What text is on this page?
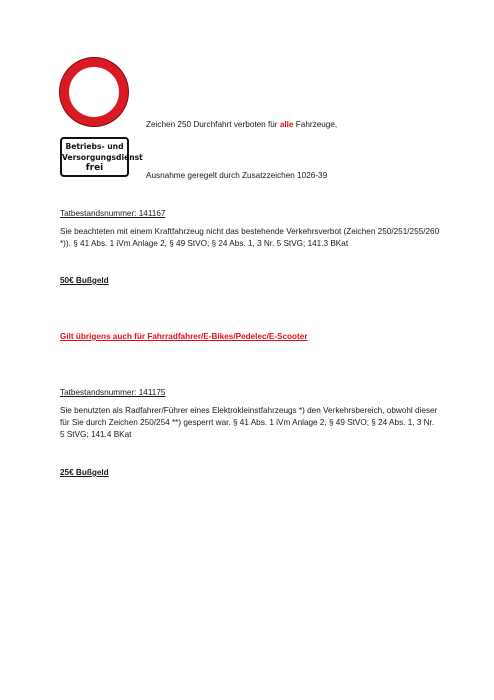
Zeichen 250 Durchfahrt verboten für alle Fahrzeuge,
Betriebs- und
Versorgungsdienst
frei
Ausnahme geregelt durch Zusatzzeichen 1026-39
Tatbestandsnummer: 141167
Sie beachteten mit einem Kraftfahrzeug nicht das bestehende Verkehrsverbot (Zeichen 250/251/255/260 *)). § 41 Abs. 1 iVm Anlage 2, § 49 StVO; § 24 Abs. 1, 3 Nr. 5 StVG; 141.3 BKat
50€ Bußgeld
Gilt übrigens auch für Fahrradfahrer/E-Bikes/Pedelec/E-Scooter
Tatbestandsnummer: 141175
Sie benutzten als Radfahrer/Führer eines Elektrokleinstfahrzeugs *) den Verkehrsbereich, obwohl dieser für Sie durch Zeichen 250/254 **) gesperrt war. § 41 Abs. 1 iVm Anlage 2, § 49 StVO; § 24 Abs. 1, 3 Nr. 5 StVG; 141.4 BKat
25€ Bußgeld
